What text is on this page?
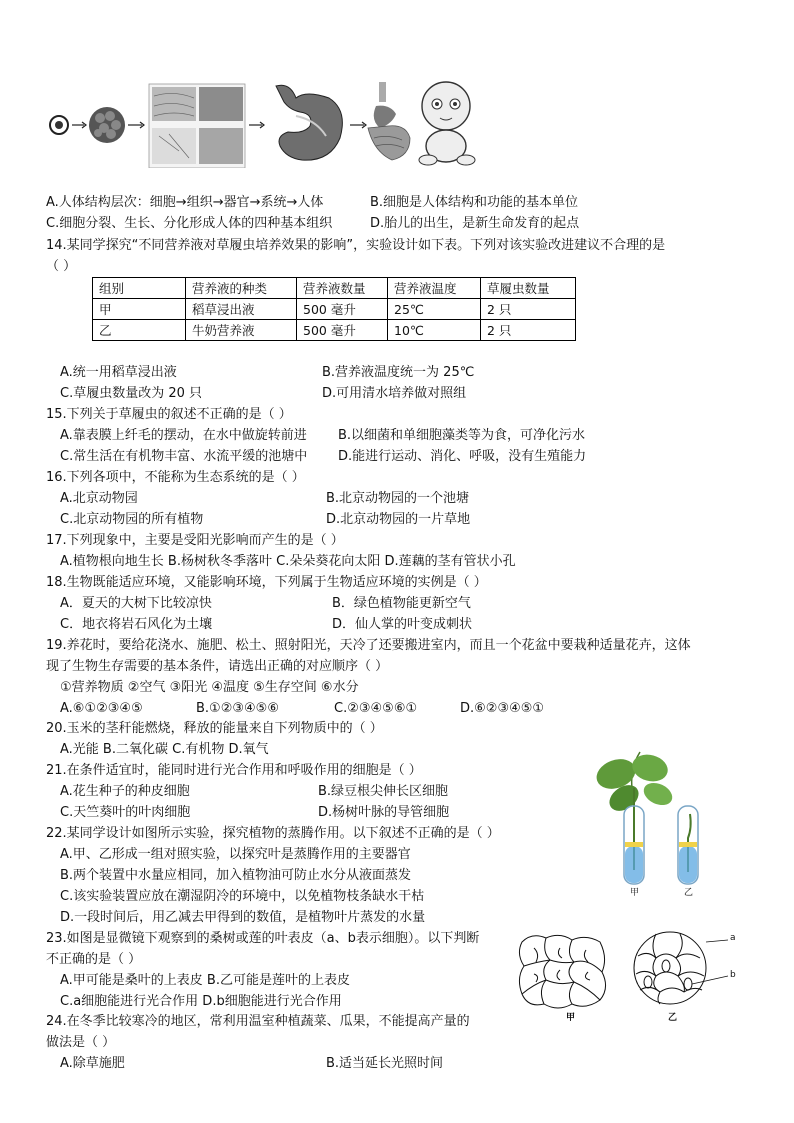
A.人体结构层次：细胞→组织→器官→系统→人体	B.细胞是人体结构和功能的基本单位
C.细胞分裂、生长、分化形成人体的四种基本组织	D.胎儿的出生，是新生命发育的起点
14.某同学探究“不同营养液对草履虫培养效果的影响”，实验设计如下表。下列对该实验改进建议不合理的是
（ ）
组别	营养液的种类	营养液数量	营养液温度	草履虫数量
甲	稻草浸出液	500 毫升	25℃	2 只
乙	牛奶营养液	500 毫升	10℃	2 只
A.统一用稻草浸出液	B.营养液温度统一为 25℃
C.草履虫数量改为 20 只	D.可用清水培养做对照组
15.下列关于草履虫的叙述不正确的是（ ）
A.靠表膜上纤毛的摆动，在水中做旋转前进 B.以细菌和单细胞藻类等为食，可净化污水
C.常生活在有机物丰富、水流平缓的池塘中 D.能进行运动、消化、呼吸，没有生殖能力
16.下列各项中，不能称为生态系统的是（ ）
A.北京动物园	B.北京动物园的一个池塘
C.北京动物园的所有植物	D.北京动物园的一片草地
17.下列现象中，主要是受阳光影响而产生的是（ ）
A.植物根向地生长 B.杨树秋冬季落叶 C.朵朵葵花向太阳 D.莲藕的茎有管状小孔
18.生物既能适应环境，又能影响环境，下列属于生物适应环境的实例是（ ）
A．夏天的大树下比较凉快	B．绿色植物能更新空气
C．地衣将岩石风化为土壤	D．仙人掌的叶变成刺状
19.养花时，要给花浇水、施肥、松土、照射阳光，天冷了还要搬进室内，而且一个花盆中要栽种适量花卉，这体
现了生物生存需要的基本条件，请选出正确的对应顺序（ ）
①营养物质 ②空气 ③阳光 ④温度 ⑤生存空间 ⑥水分
A.⑥①②③④⑤	B.①②③④⑤⑥	C.②③④⑤⑥①	D.⑥②③④⑤①
20.玉米的茎秆能燃烧，释放的能量来自下列物质中的（ ）
A.光能 B.二氧化碳 C.有机物 D.氧气
21.在条件适宜时，能同时进行光合作用和呼吸作用的细胞是（ ）
A.花生种子的种皮细胞	B.绿豆根尖伸长区细胞
C.天竺葵叶的叶肉细胞	D.杨树叶脉的导管细胞
22.某同学设计如图所示实验，探究植物的蒸腾作用。以下叙述不正确的是（ ）
A.甲、乙形成一组对照实验，以探究叶是蒸腾作用的主要器官
B.两个装置中水量应相同，加入植物油可防止水分从液面蒸发
C.该实验装置应放在潮湿阴冷的环境中，以免植物枝条缺水干枯
D.一段时间后，用乙减去甲得到的数值，是植物叶片蒸发的水量
甲	乙
23.如图是显微镜下观察到的桑树或莲的叶表皮（a、b表示细胞）。以下判断
不正确的是（ ）
A.甲可能是桑叶的上表皮 B.乙可能是莲叶的上表皮
C.a细胞能进行光合作用 D.b细胞能进行光合作用
a
b
甲	乙
24.在冬季比较寒冷的地区，常利用温室种植蔬菜、瓜果，不能提高产量的
做法是（ ）
A.除草施肥	B.适当延长光照时间
